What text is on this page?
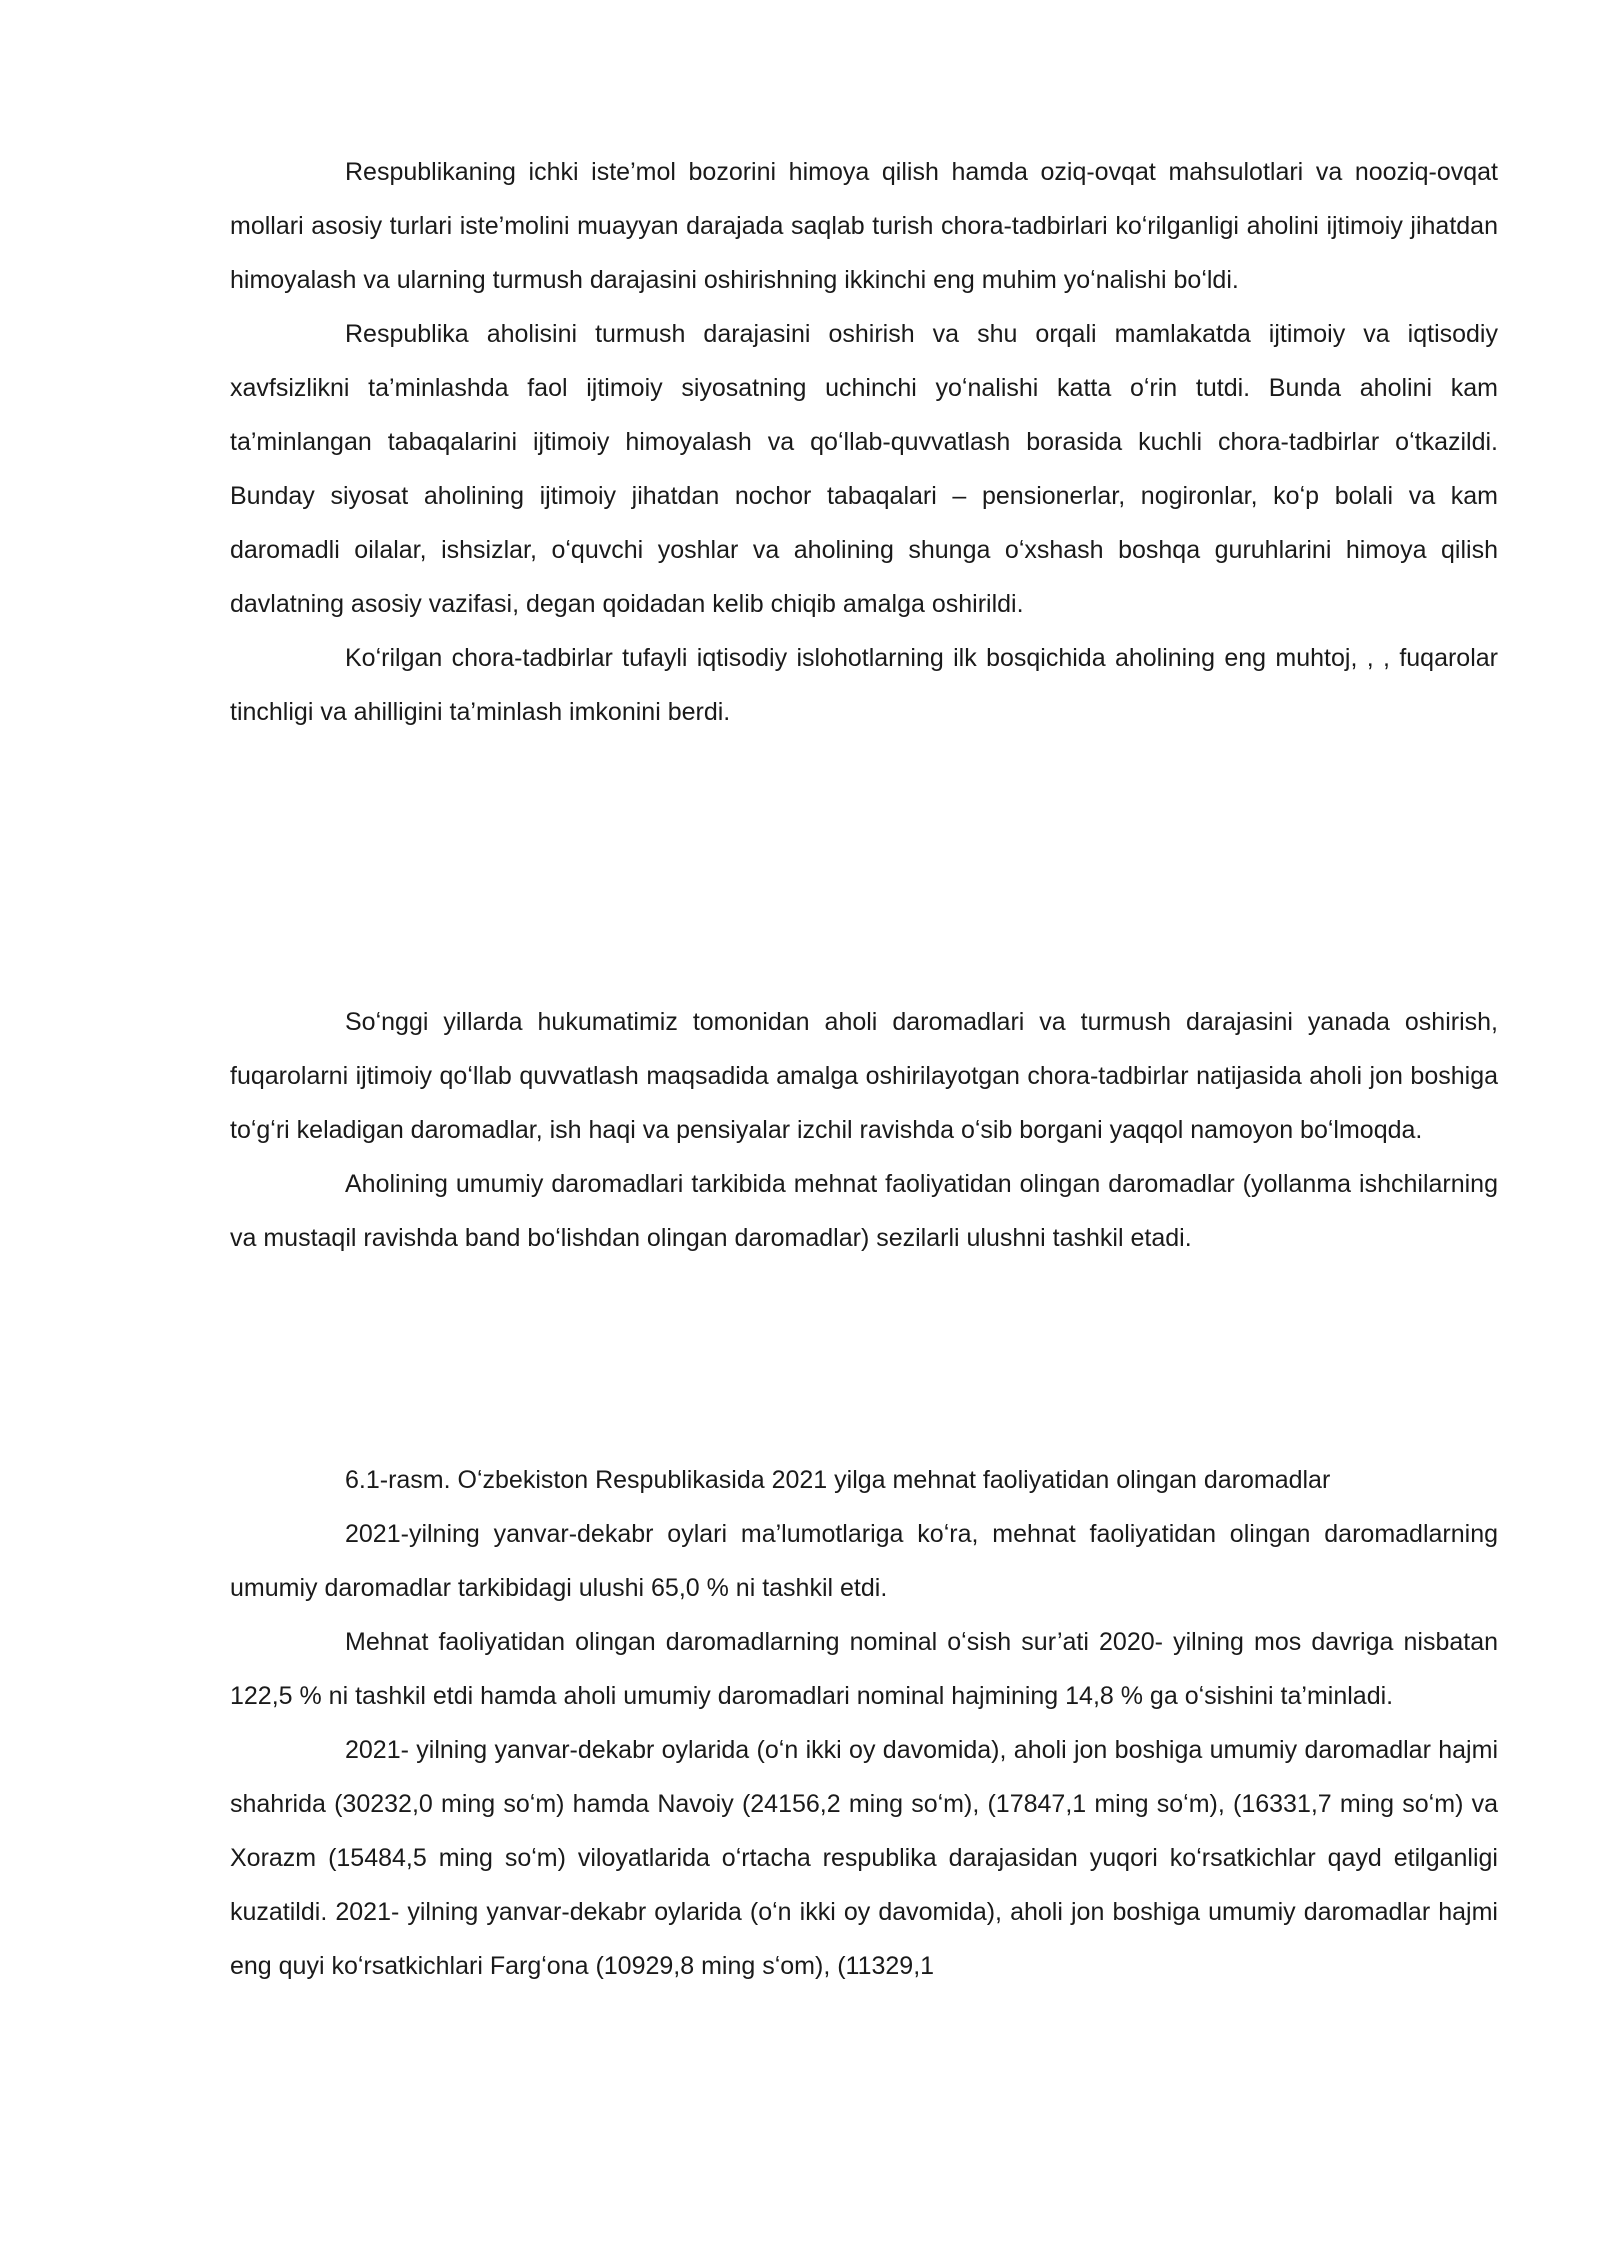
Respublikaning ichki iste’mol bozorini himoya qilish hamda oziq-ovqat mahsulotlari va nooziq-ovqat mollari asosiy turlari iste’molini muayyan darajada saqlab turish chora-tadbirlari koʻrilganligi aholini ijtimoiy jihatdan himoyalash va ularning turmush darajasini oshirishning ikkinchi eng muhim yoʻnalishi boʻldi.

Respublika aholisini turmush darajasini oshirish va shu orqali mamlakatda ijtimoiy va iqtisodiy xavfsizlikni ta’minlashda faol ijtimoiy siyosatning uchinchi yoʻnalishi katta oʻrin tutdi. Bunda aholini kam ta’minlangan tabaqalarini ijtimoiy himoyalash va qoʻllab-quvvatlash borasida kuchli chora-tadbirlar oʻtkazildi. Bunday siyosat aholining ijtimoiy jihatdan nochor tabaqalari – pensionerlar, nogironlar, koʻp bolali va kam daromadli oilalar, ishsizlar, oʻquvchi yoshlar va aholining shunga oʻxshash boshqa guruhlarini himoya qilish davlatning asosiy vazifasi, degan qoidadan kelib chiqib amalga oshirildi.

Koʻrilgan chora-tadbirlar tufayli iqtisodiy islohotlarning ilk bosqichida aholining eng muhtoj, , , fuqarolar tinchligi va ahilligini ta’minlash imkonini berdi.

Soʻnggi yillarda hukumatimiz tomonidan aholi daromadlari va turmush darajasini yanada oshirish, fuqarolarni ijtimoiy qoʻllab quvvatlash maqsadida amalga oshirilayotgan chora-tadbirlar natijasida aholi jon boshiga toʻgʻri keladigan daromadlar, ish haqi va pensiyalar izchil ravishda oʻsib borgani yaqqol namoyon boʻlmoqda.

Aholining umumiy daromadlari tarkibida mehnat faoliyatidan olingan daromadlar (yollanma ishchilarning va mustaqil ravishda band boʻlishdan olingan daromadlar) sezilarli ulushni tashkil etadi.

6.1-rasm. Oʻzbekiston Respublikasida 2021 yilga mehnat faoliyatidan olingan daromadlar

2021-yilning yanvar-dekabr oylari ma’lumotlariga koʻra, mehnat faoliyatidan olingan daromadlarning umumiy daromadlar tarkibidagi ulushi 65,0 % ni tashkil etdi.

Mehnat faoliyatidan olingan daromadlarning nominal oʻsish sur’ati 2020- yilning mos davriga nisbatan 122,5 % ni tashkil etdi hamda aholi umumiy daromadlari nominal hajmining 14,8 % ga oʻsishini ta’minladi.

2021- yilning yanvar-dekabr oylarida (oʻn ikki oy davomida), aholi jon boshiga umumiy daromadlar hajmi shahrida (30232,0 ming soʻm) hamda Navoiy (24156,2 ming soʻm), (17847,1 ming soʻm), (16331,7 ming soʻm) va Xorazm (15484,5 ming soʻm) viloyatlarida oʻrtacha respublika darajasidan yuqori koʻrsatkichlar qayd etilganligi kuzatildi. 2021- yilning yanvar-dekabr oylarida (oʻn ikki oy davomida), aholi jon boshiga umumiy daromadlar hajmi eng quyi koʻrsatkichlari Fargʻona (10929,8 ming sʻom), (11329,1
